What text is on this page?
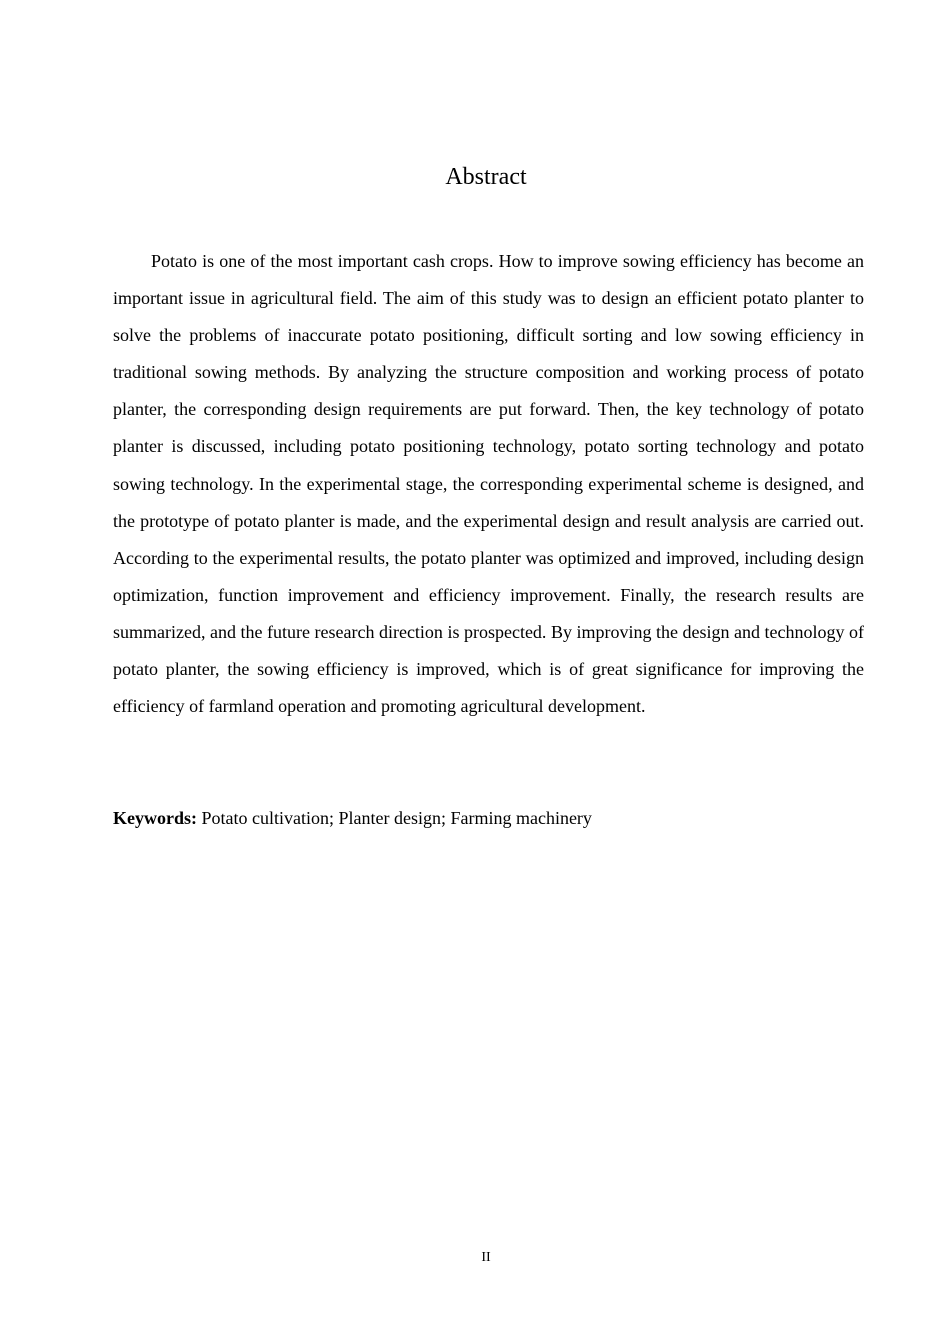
Abstract

Potato is one of the most important cash crops. How to improve sowing efficiency has become an important issue in agricultural field. The aim of this study was to design an efficient potato planter to solve the problems of inaccurate potato positioning, difficult sorting and low sowing efficiency in traditional sowing methods. By analyzing the structure composition and working process of potato planter, the corresponding design requirements are put forward. Then, the key technology of potato planter is discussed, including potato positioning technology, potato sorting technology and potato sowing technology. In the experimental stage, the corresponding experimental scheme is designed, and the prototype of potato planter is made, and the experimental design and result analysis are carried out. According to the experimental results, the potato planter was optimized and improved, including design optimization, function improvement and efficiency improvement. Finally, the research results are summarized, and the future research direction is prospected. By improving the design and technology of potato planter, the sowing efficiency is improved, which is of great significance for improving the efficiency of farmland operation and promoting agricultural development.

Keywords: Potato cultivation; Planter design; Farming machinery

II
